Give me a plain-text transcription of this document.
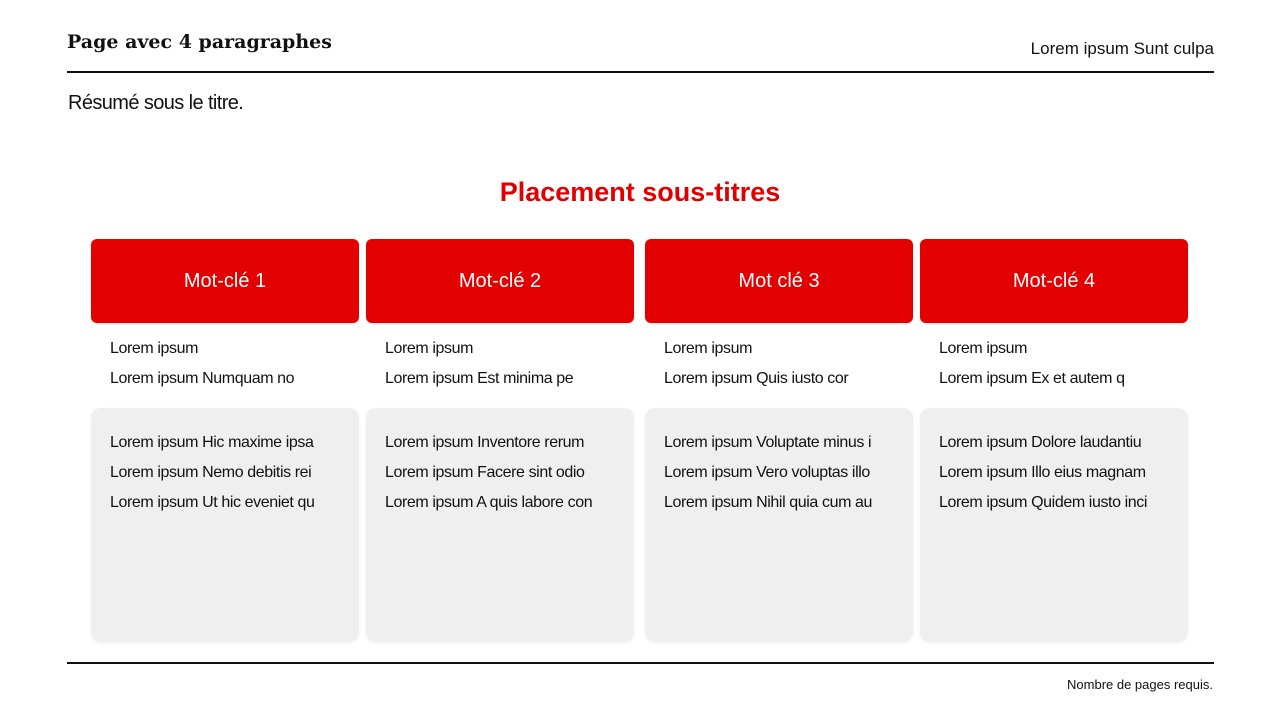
Page avec 4 paragraphes	Lorem ipsum Sunt culpa
Résumé sous le titre.
Placement sous-titres
Mot-clé 1
Lorem ipsum
Lorem ipsum Numquam no
Lorem ipsum Hic maxime ipsa
Lorem ipsum Nemo debitis rei
Lorem ipsum Ut hic eveniet qu
Mot-clé 2
Lorem ipsum
Lorem ipsum Est minima pe
Lorem ipsum Inventore rerum
Lorem ipsum Facere sint odio
Lorem ipsum A quis labore con
Mot clé 3
Lorem ipsum
Lorem ipsum Quis iusto cor
Lorem ipsum Voluptate minus i
Lorem ipsum Vero voluptas illo
Lorem ipsum Nihil quia cum au
Mot-clé 4
Lorem ipsum
Lorem ipsum Ex et autem q
Lorem ipsum Dolore laudantiu
Lorem ipsum Illo eius magnam
Lorem ipsum Quidem iusto inci
Nombre de pages requis.
